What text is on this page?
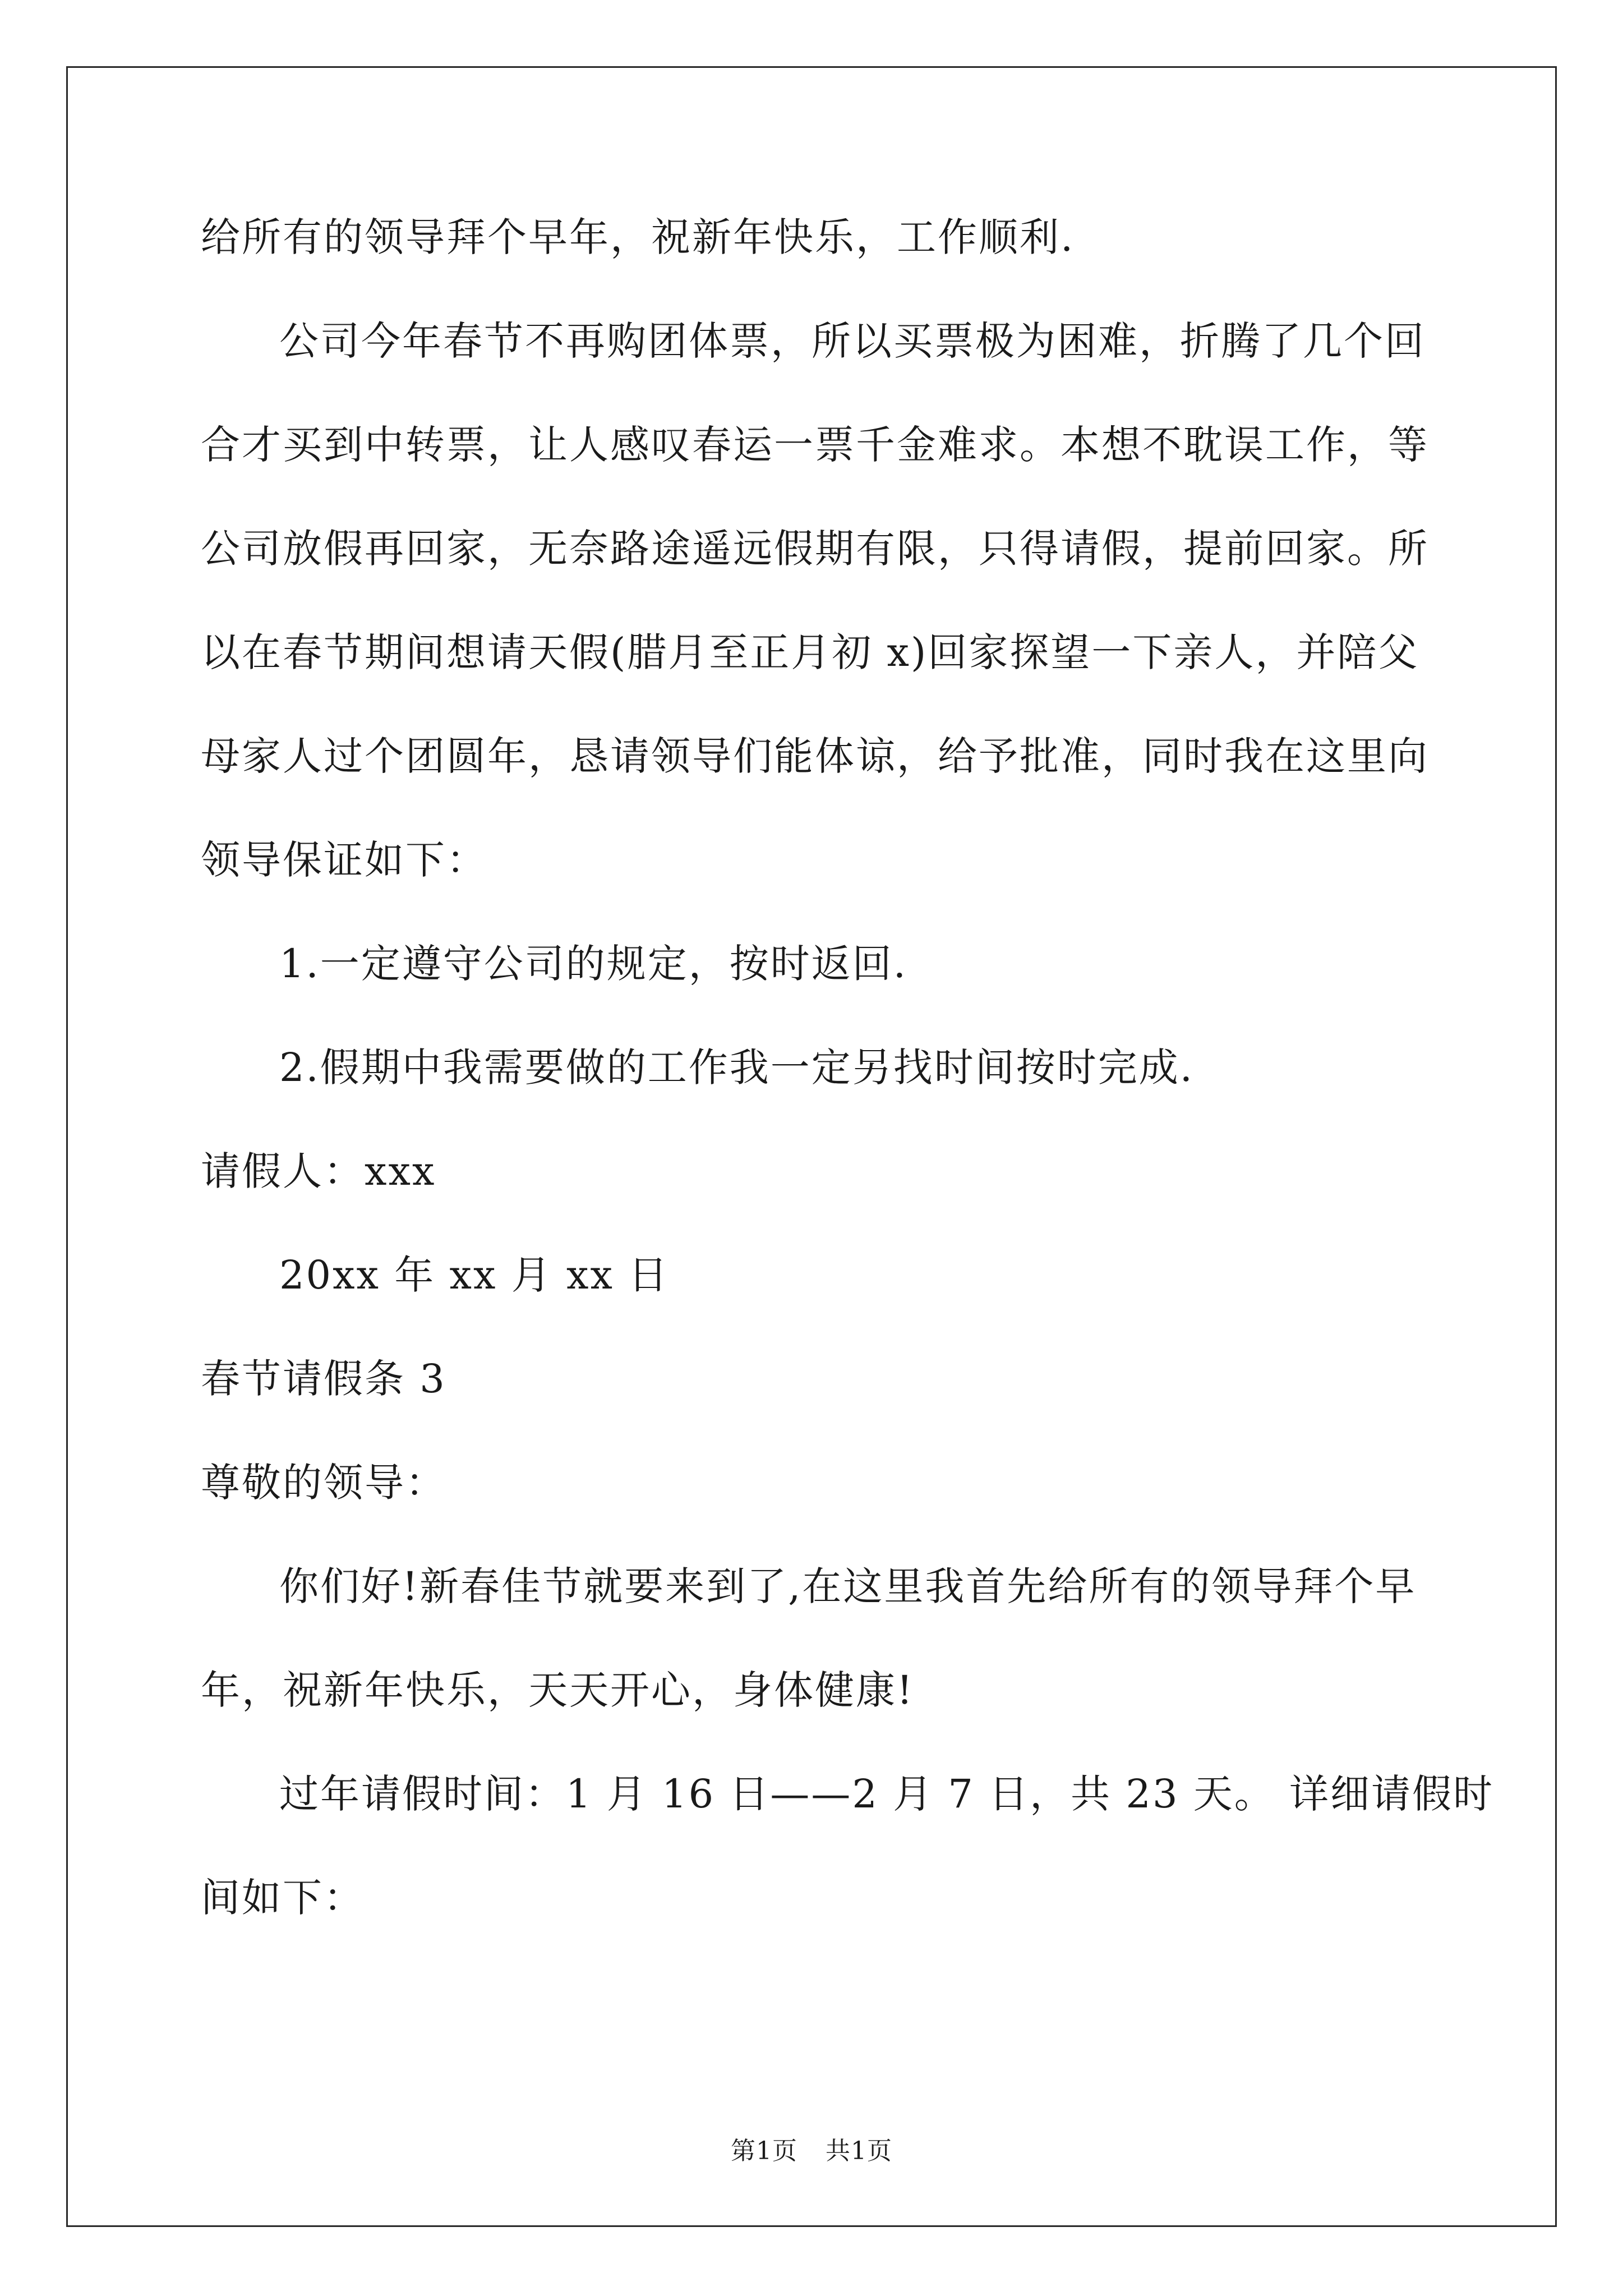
给所有的领导拜个早年，祝新年快乐，工作顺利.
公司今年春节不再购团体票，所以买票极为困难，折腾了几个回
合才买到中转票，让人感叹春运一票千金难求。本想不耽误工作，等
公司放假再回家，无奈路途遥远假期有限，只得请假，提前回家。所
以在春节期间想请天假(腊月至正月初 x)回家探望一下亲人，并陪父
母家人过个团圆年，恳请领导们能体谅，给予批准，同时我在这里向
领导保证如下：
1.一定遵守公司的规定，按时返回.
2.假期中我需要做的工作我一定另找时间按时完成.
请假人：xxx
20xx 年 xx 月 xx 日
春节请假条 3
尊敬的领导：
你们好!新春佳节就要来到了,在这里我首先给所有的领导拜个早
年，祝新年快乐，天天开心，身体健康!
过年请假时间：1 月 16 日——2 月 7 日，共 23 天。 详细请假时
间如下：
第1页 共1页
